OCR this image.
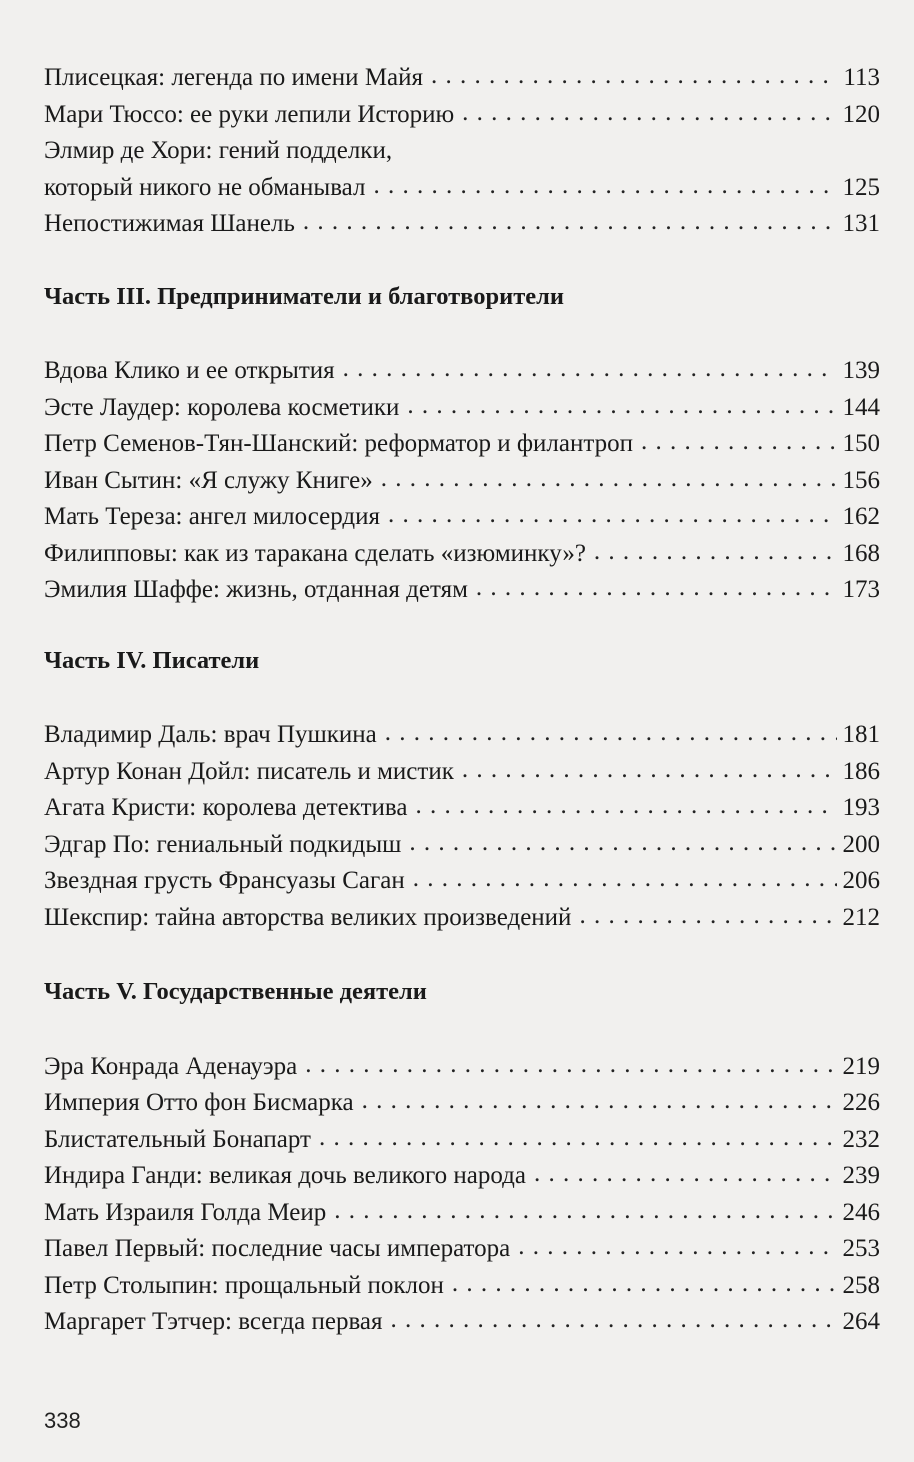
Плисецкая: легенда по имени Майя . . .	113
Мари Тюссо: ее руки лепили Историю . . .	120
Элмир де Хори: гений подделки,
который никого не обманывал . . .	125
Непостижимая Шанель . . .	131
Часть III. Предприниматели и благотворители
Вдова Клико и ее открытия . . .	139
Эсте Лаудер: королева косметики . . .	144
Петр Семенов-Тян-Шанский: реформатор и филантроп . . .	150
Иван Сытин: «Я служу Книге» . . .	156
Мать Тереза: ангел милосердия . . .	162
Филипповы: как из таракана сделать «изюминку»? . . .	168
Эмилия Шаффе: жизнь, отданная детям . . .	173
Часть IV. Писатели
Владимир Даль: врач Пушкина . . .	181
Артур Конан Дойл: писатель и мистик . . .	186
Агата Кристи: королева детектива . . .	193
Эдгар По: гениальный подкидыш . . .	200
Звездная грусть Франсуазы Саган . . .	206
Шекспир: тайна авторства великих произведений . . .	212
Часть V. Государственные деятели
Эра Конрада Аденауэра . . .	219
Империя Отто фон Бисмарка . . .	226
Блистательный Бонапарт . . .	232
Индира Ганди: великая дочь великого народа . . .	239
Мать Израиля Голда Меир . . .	246
Павел Первый: последние часы императора . . .	253
Петр Столыпин: прощальный поклон . . .	258
Маргарет Тэтчер: всегда первая . . .	264
338
